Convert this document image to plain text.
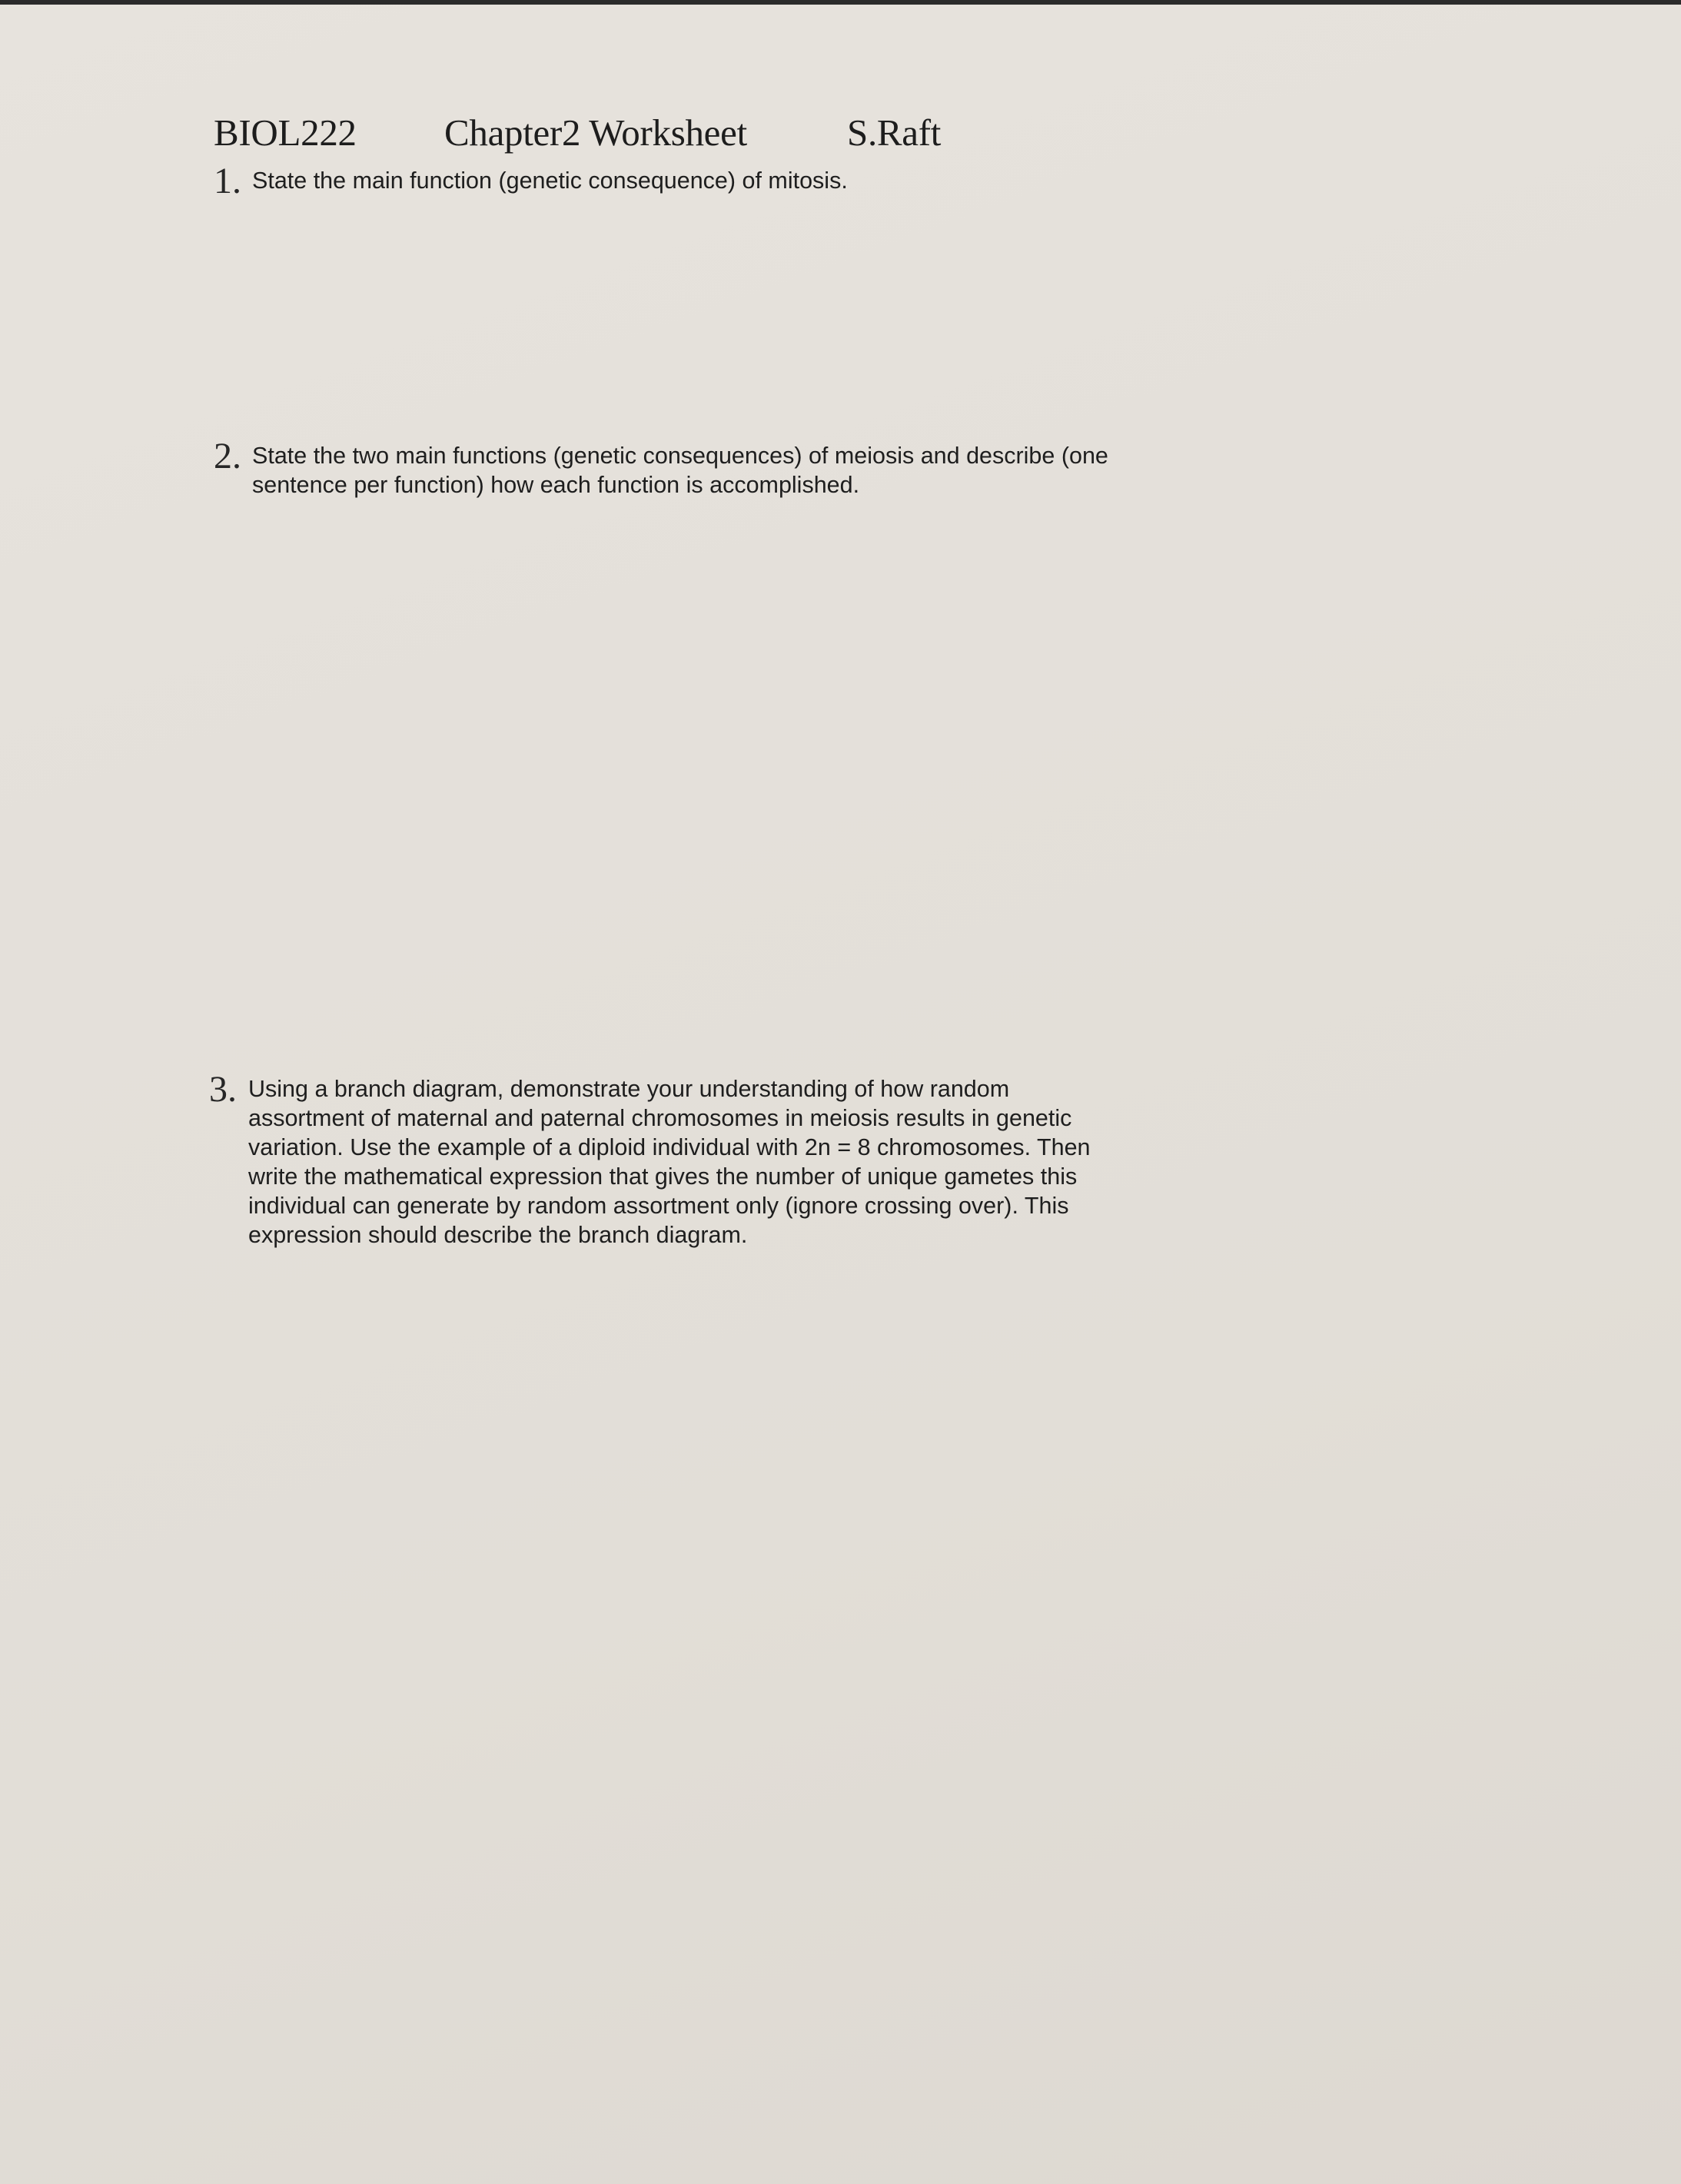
BIOL222 Chapter2 Worksheet	S.Raft
1. State the main function (genetic consequence) of mitosis.
2. State the two main functions (genetic consequences) of meiosis and describe (one
sentence per function) how each function is accomplished.
3. Using a branch diagram, demonstrate your understanding of how random
assortment of maternal and paternal chromosomes in meiosis results in genetic
variation. Use the example of a diploid individual with 2n = 8 chromosomes. Then
write the mathematical expression that gives the number of unique gametes this
individual can generate by random assortment only (ignore crossing over). This
expression should describe the branch diagram.
